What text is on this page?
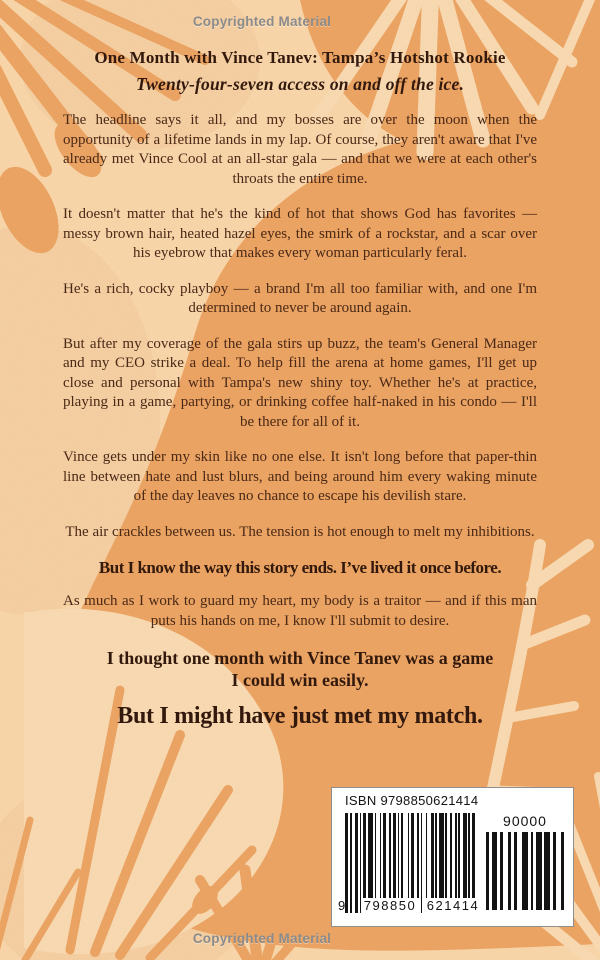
Copyrighted Material
One Month with Vince Tanev: Tampa’s Hotshot Rookie
Twenty-four-seven access on and off the ice.

The headline says it all, and my bosses are over the moon when the opportunity of a lifetime lands in my lap. Of course, they aren't aware that I've already met Vince Cool at an all-star gala — and that we were at each other's throats the entire time.

It doesn't matter that he's the kind of hot that shows God has favorites — messy brown hair, heated hazel eyes, the smirk of a rockstar, and a scar over his eyebrow that makes every woman particularly feral.

He's a rich, cocky playboy — a brand I'm all too familiar with, and one I'm determined to never be around again.

But after my coverage of the gala stirs up buzz, the team's General Manager and my CEO strike a deal. To help fill the arena at home games, I'll get up close and personal with Tampa's new shiny toy. Whether he's at practice, playing in a game, partying, or drinking coffee half-naked in his condo — I'll be there for all of it.

Vince gets under my skin like no one else. It isn't long before that paper-thin line between hate and lust blurs, and being around him every waking minute of the day leaves no chance to escape his devilish stare.

The air crackles between us. The tension is hot enough to melt my inhibitions.

But I know the way this story ends. I’ve lived it once before.

As much as I work to guard my heart, my body is a traitor — and if this man puts his hands on me, I know I'll submit to desire.

I thought one month with Vince Tanev was a game
I could win easily.

But I might have just met my match.

ISBN 9798850621414
9 798850 621414
90000
Copyrighted Material
